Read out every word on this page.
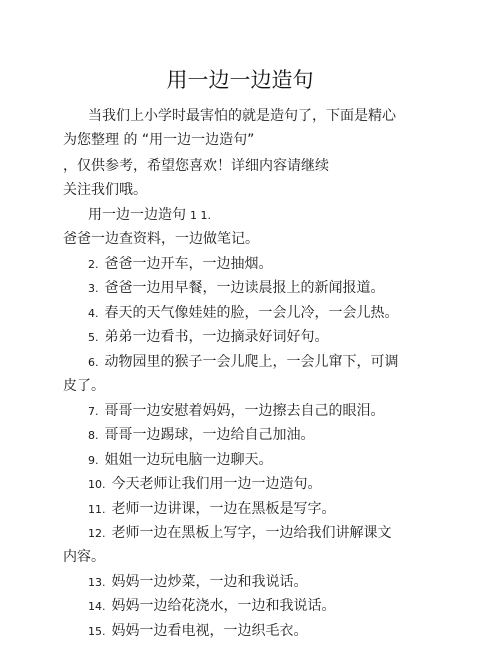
用一边一边造句
当我们上小学时最害怕的就是造句了，下面是精心
为您整理 的 “用一边一边造句”
，仅供参考，希望您喜欢！详细内容请继续
关注我们哦。
用一边一边造句 1 1.
爸爸一边查资料，一边做笔记。
2. 爸爸一边开车，一边抽烟。
3. 爸爸一边用早餐，一边读晨报上的新闻报道。
4. 春天的天气像娃娃的脸，一会儿冷，一会儿热。
5. 弟弟一边看书，一边摘录好词好句。
6. 动物园里的猴子一会儿爬上，一会儿窜下，可调
皮了。
7. 哥哥一边安慰着妈妈，一边擦去自己的眼泪。
8. 哥哥一边踢球，一边给自己加油。
9. 姐姐一边玩电脑一边聊天。
10. 今天老师让我们用一边一边造句。
11. 老师一边讲课，一边在黑板是写字。
12. 老师一边在黑板上写字，一边给我们讲解课文
内容。
13. 妈妈一边炒菜，一边和我说话。
14. 妈妈一边给花浇水，一边和我说话。
15. 妈妈一边看电视，一边织毛衣。
